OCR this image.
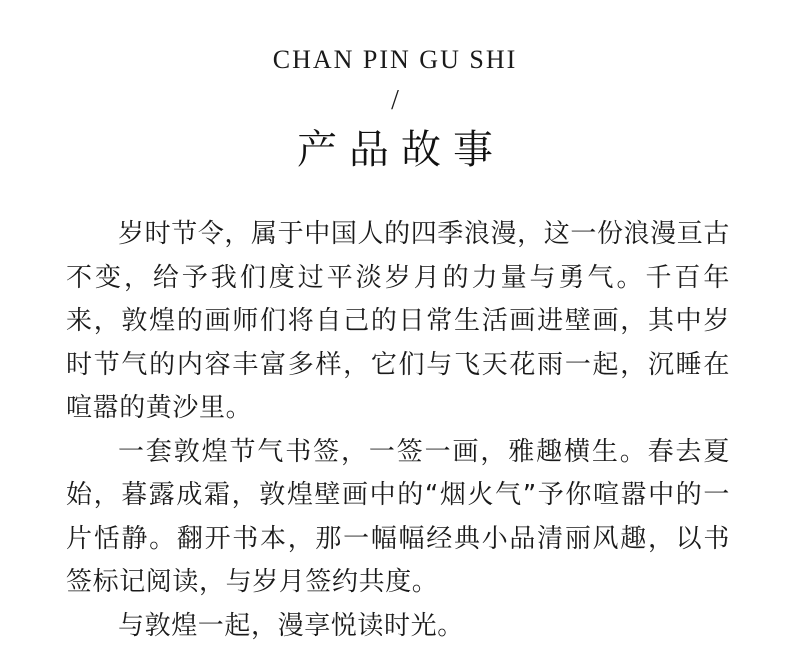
CHAN PIN GU SHI
/
产品故事

岁时节令，属于中国人的四季浪漫，这一份浪漫亘古不变，给予我们度过平淡岁月的力量与勇气。千百年来，敦煌的画师们将自己的日常生活画进壁画，其中岁时节气的内容丰富多样，它们与飞天花雨一起，沉睡在喧嚣的黄沙里。

一套敦煌节气书签，一签一画，雅趣横生。春去夏始，暮露成霜，敦煌壁画中的“烟火气”予你喧嚣中的一片恬静。翻开书本，那一幅幅经典小品清丽风趣，以书签标记阅读，与岁月签约共度。

与敦煌一起，漫享悦读时光。
